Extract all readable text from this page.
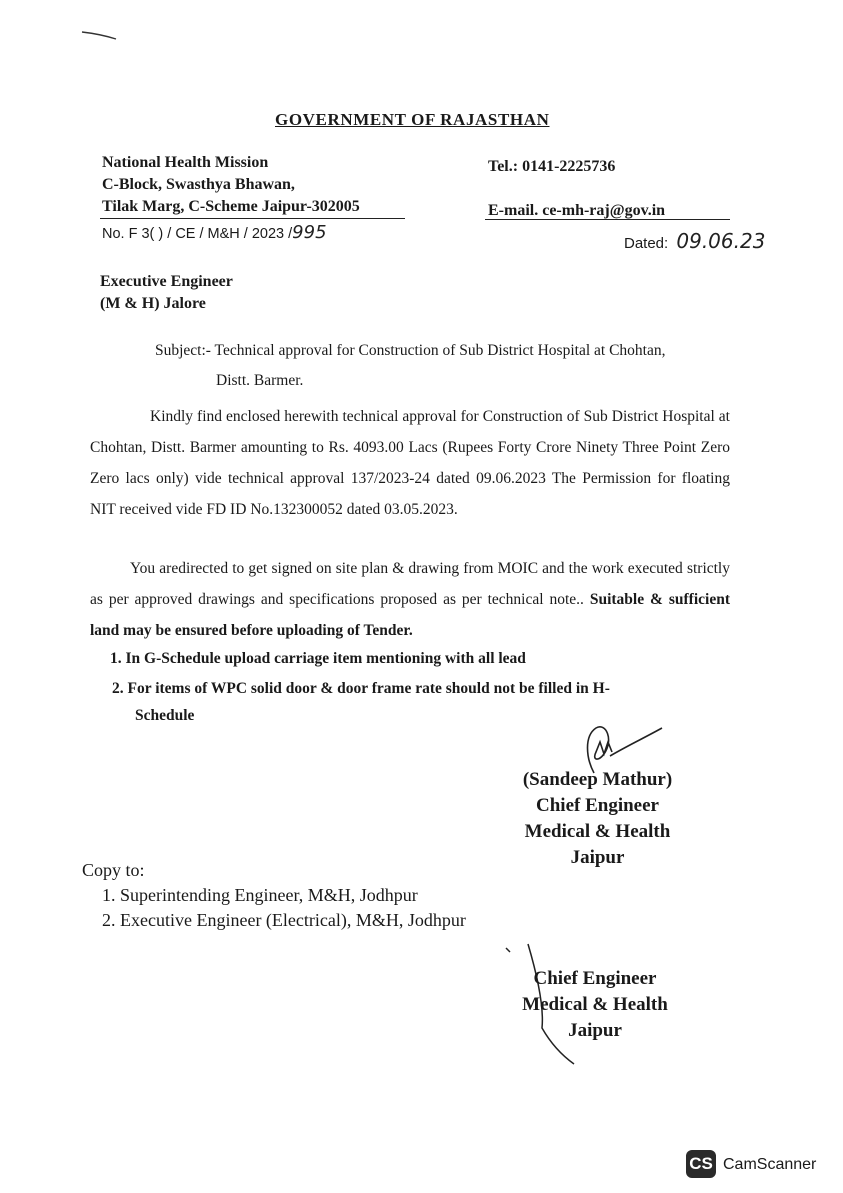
GOVERNMENT OF RAJASTHAN
National Health Mission
C-Block, Swasthya Bhawan,
Tilak Marg, C-Scheme Jaipur-302005
Tel.: 0141-2225736
E-mail. ce-mh-raj@gov.in
No. F 3( ) / CE / M&H / 2023 /995
Dated: 09.06.23
Executive Engineer
(M & H) Jalore
Subject:- Technical approval for Construction of Sub District Hospital at Chohtan,
Distt. Barmer.
Kindly find enclosed herewith technical approval for Construction of Sub District Hospital at Chohtan, Distt. Barmer amounting to Rs. 4093.00 Lacs (Rupees Forty Crore Ninety Three Point Zero Zero lacs only) vide technical approval 137/2023-24 dated 09.06.2023 The Permission for floating NIT received vide FD ID No.132300052 dated 03.05.2023.
You aredirected to get signed on site plan & drawing from MOIC and the work executed strictly as per approved drawings and specifications proposed as per technical note.. Suitable & sufficient land may be ensured before uploading of Tender.
1. In G-Schedule upload carriage item mentioning with all lead
2. For items of WPC solid door & door frame rate should not be filled in H-
Schedule
(Sandeep Mathur)
Chief Engineer
Medical & Health
Jaipur
Copy to:
1. Superintending Engineer, M&H, Jodhpur
2. Executive Engineer (Electrical), M&H, Jodhpur
Chief Engineer
Medical & Health
Jaipur
CS CamScanner
